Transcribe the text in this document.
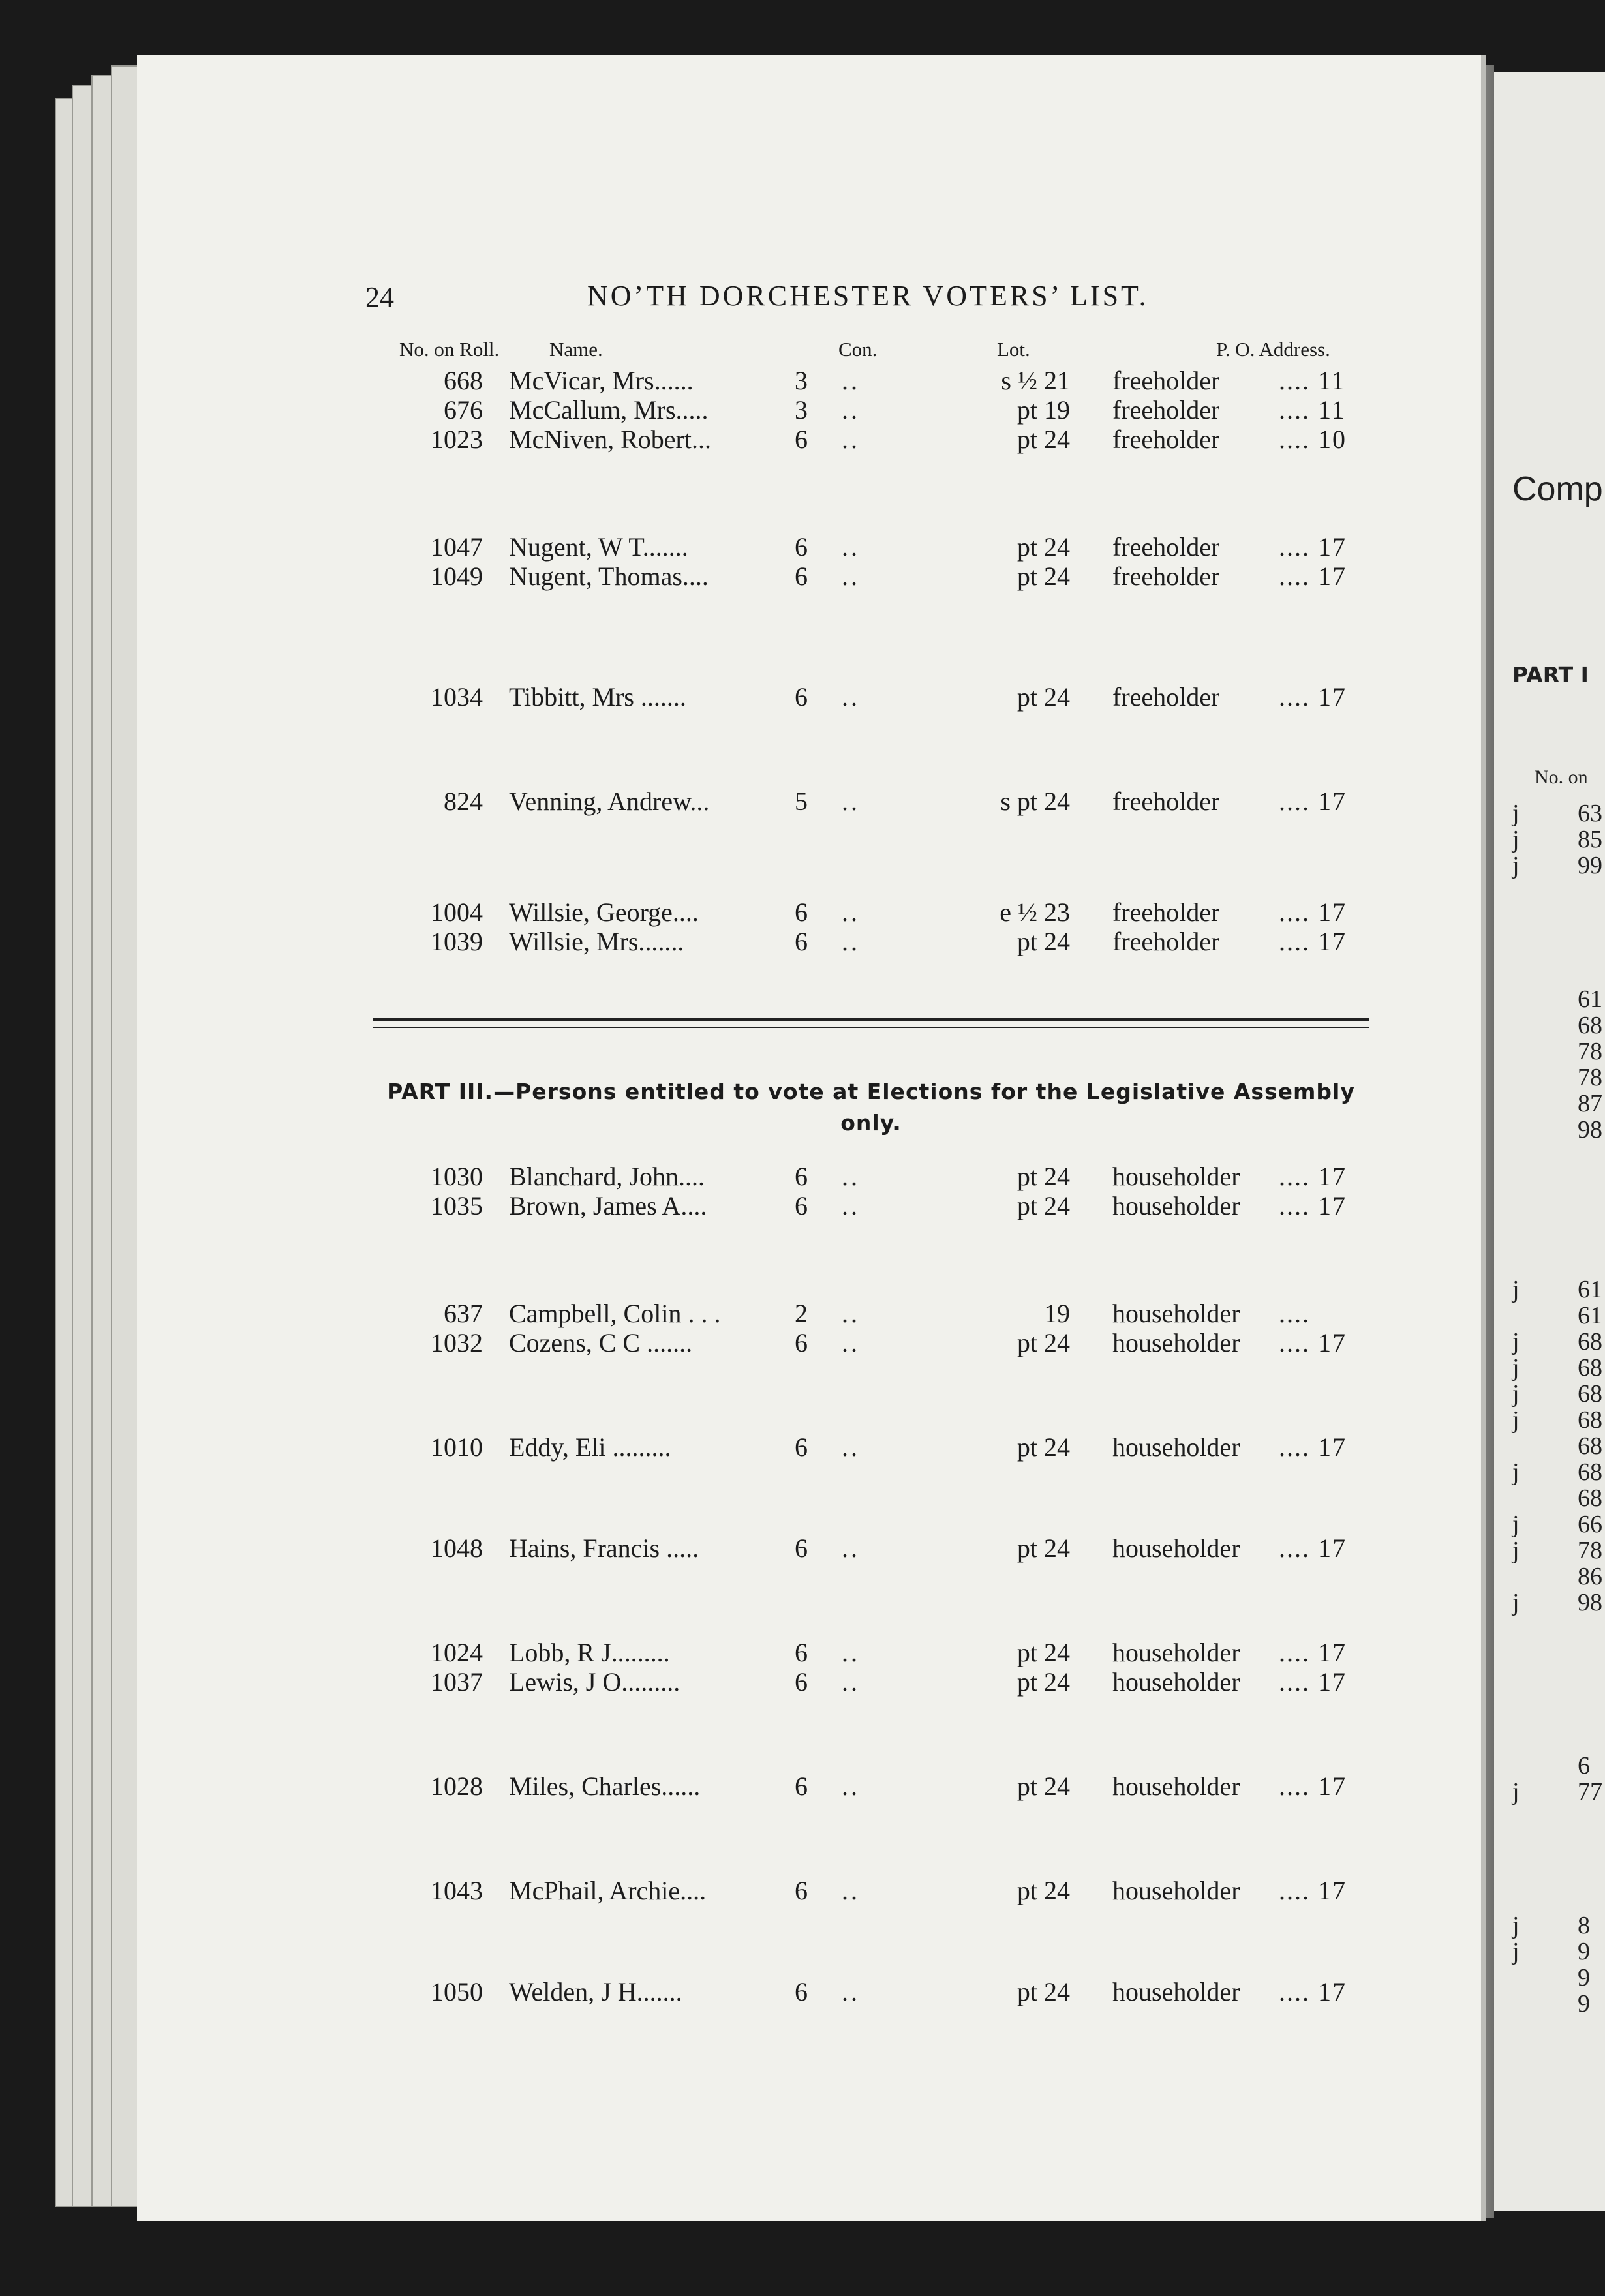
24	NO’TH DORCHESTER VOTERS’ LIST.
No. on Roll. Name.	Con.	Lot.	P. O. Address.
668 McVicar, Mrs......	3 ..	s ½ 21 freeholder .... 11
676 McCallum, Mrs.....	3 ..	pt 19 freeholder .... 11
1023 McNiven, Robert...	6 ..	pt 24 freeholder .... 10
1047 Nugent, W T.......	6 ..	pt 24 freeholder .... 17
1049 Nugent, Thomas....	6 ..	pt 24 freeholder .... 17
1034 Tibbitt, Mrs .......	6 ..	pt 24 freeholder .... 17
824 Venning, Andrew...	5 ..	s pt 24 freeholder .... 17
1004 Willsie, George....	6 ..	e ½ 23 freeholder .... 17
1039 Willsie, Mrs.......	6 ..	pt 24 freeholder .... 17
PART III.—Persons entitled to vote at Elections for the Legislative Assembly only.
1030 Blanchard, John....	6 ..	pt 24 householder .... 17
1035 Brown, James A....	6 ..	pt 24 householder .... 17
637 Campbell, Colin . . .	2 ..	19 householder ....
1032 Cozens, C C .......	6 ..	pt 24 householder .... 17
1010 Eddy, Eli .........	6 ..	pt 24 householder .... 17
1048 Hains, Francis .....	6 ..	pt 24 householder .... 17
1024 Lobb, R J.........	6 ..	pt 24 householder .... 17
1037 Lewis, J O.........	6 ..	pt 24 householder .... 17
1028 Miles, Charles......	6 ..	pt 24 householder .... 17
1043 McPhail, Archie....	6 ..	pt 24 householder .... 17
1050 Welden, J H.......	6 ..	pt 24 householder .... 17
Comp
PART I
No. on
j 63
j 85
j 99
61
68
78
78
87
98
j 61
61
j 68
j 68
j 68
j 68
68
j 68
68
j 66
j 78
86
j 98
6
j 77
j 8
j 9
9
9
